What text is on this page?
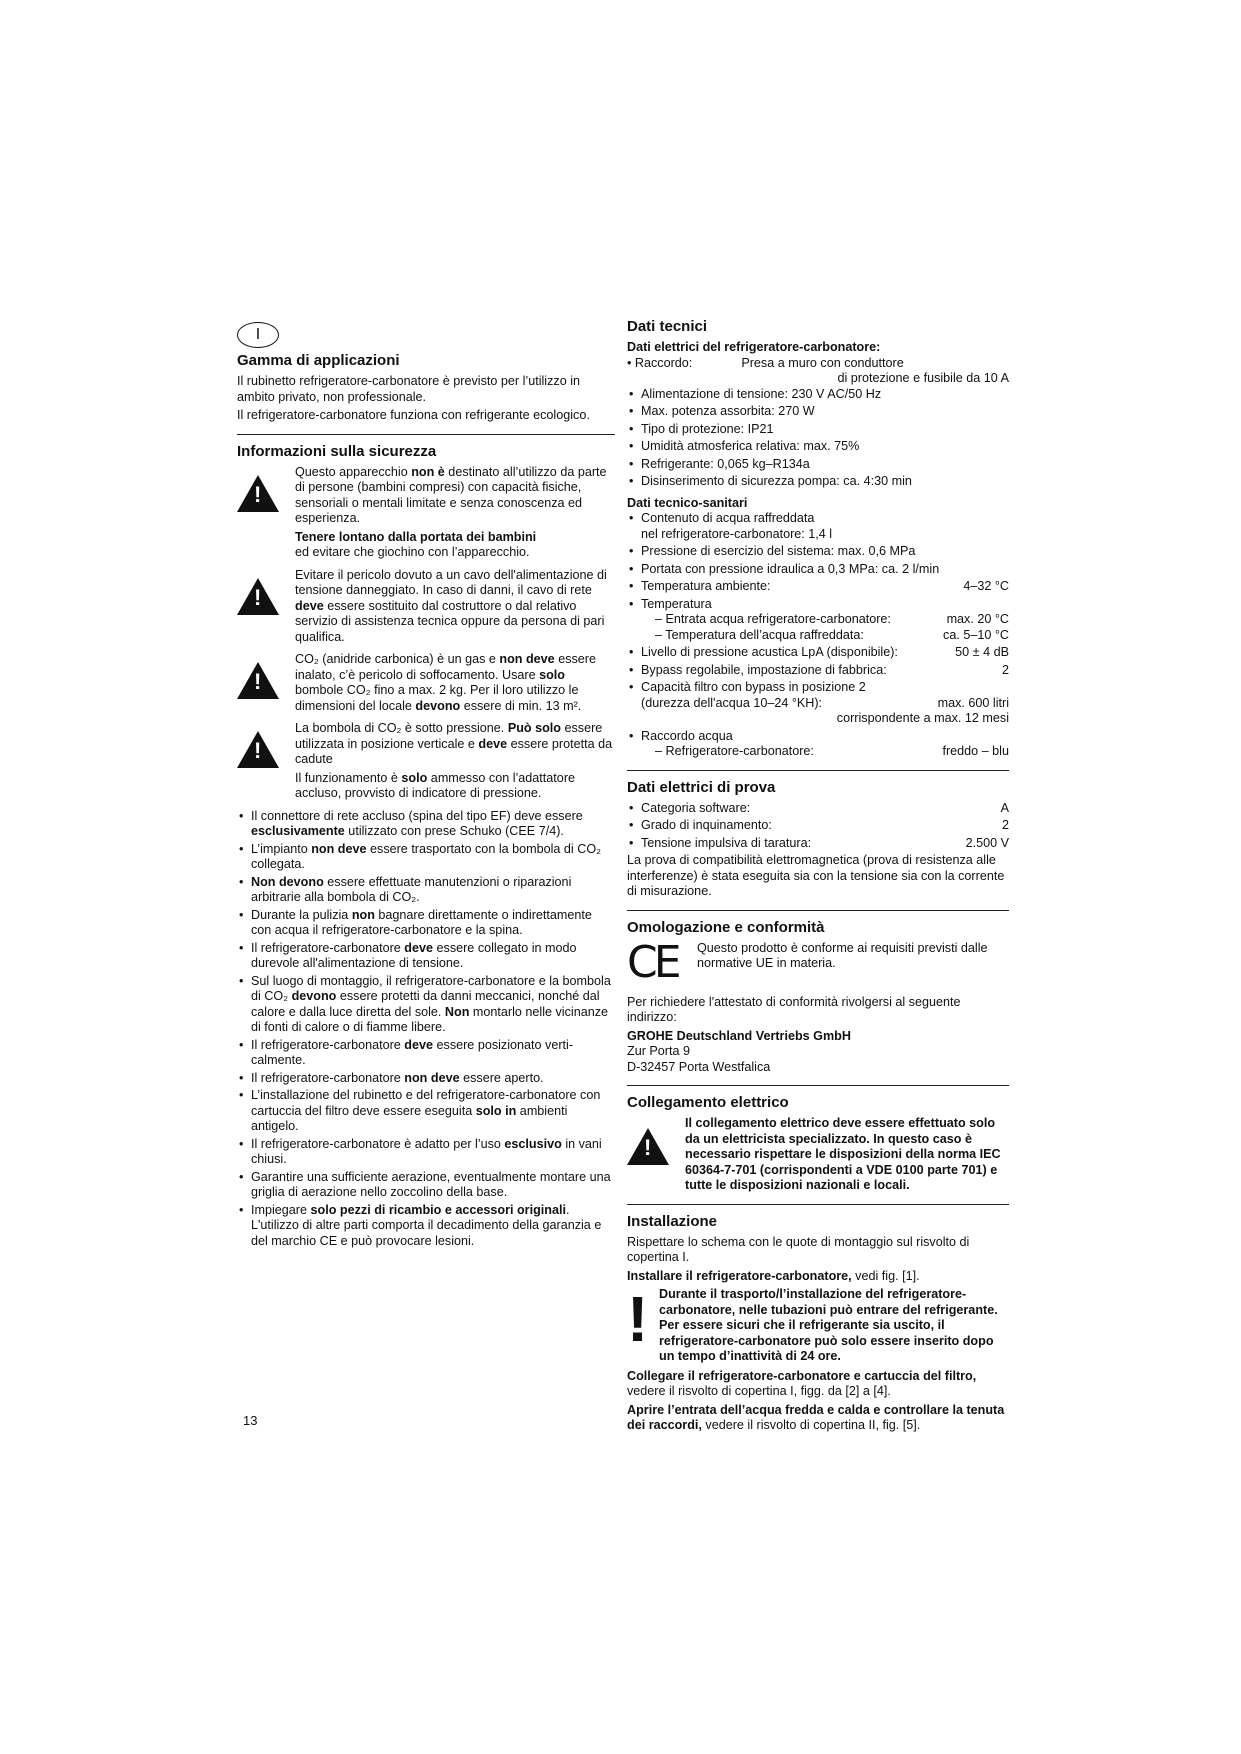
I
Gamma di applicazioni

Il rubinetto refrigeratore-carbonatore è previsto per l’utilizzo in ambito privato, non professionale.

Il refrigeratore-carbonatore funziona con refrigerante ecologico.

Informazioni sulla sicurezza
!

Questo apparecchio non è destinato all’utilizzo da parte di persone (bambini compresi) con capacità fisiche, sensoriali o mentali limitate e senza conoscenza ed esperienza.

Tenere lontano dalla portata dei bambini
ed evitare che giochino con l’apparecchio.

!

Evitare il pericolo dovuto a un cavo dell'alimentazione di tensione danneggiato. In caso di danni, il cavo di rete deve essere sostituito dal costruttore o dal relativo servizio di assistenza tecnica oppure da persona di pari qualifica.

!

CO₂ (anidride carbonica) è un gas e non deve essere inalato, c’è pericolo di soffocamento. Usare solo bombole CO₂ fino a max. 2 kg. Per il loro utilizzo le dimensioni del locale devono essere di min. 13 m².

!

La bombola di CO₂ è sotto pressione. Può solo essere utilizzata in posizione verticale e deve essere protetta da cadute

Il funzionamento è solo ammesso con l’adattatore accluso, provvisto di indicatore di pressione.

• Il connettore di rete accluso (spina del tipo EF) deve essere esclusivamente utilizzato con prese Schuko (CEE 7/4).
• L’impianto non deve essere trasportato con la bombola di CO₂ collegata.
• Non devono essere effettuate manutenzioni o riparazioni arbitrarie alla bombola di CO₂.
• Durante la pulizia non bagnare direttamente o indirettamente con acqua il refrigeratore-carbonatore e la spina.
• Il refrigeratore-carbonatore deve essere collegato in modo durevole all'alimentazione di tensione.
• Sul luogo di montaggio, il refrigeratore-carbonatore e la bombola di CO₂ devono essere protetti da danni meccanici, nonché dal calore e dalla luce diretta del sole. Non montarlo nelle vicinanze di fonti di calore o di fiamme libere.
• Il refrigeratore-carbonatore deve essere posizionato verti- calmente.
• Il refrigeratore-carbonatore non deve essere aperto.
• L’installazione del rubinetto e del refrigeratore-carbonatore con cartuccia del filtro deve essere eseguita solo in ambienti antigelo.
• Il refrigeratore-carbonatore è adatto per l’uso esclusivo in vani chiusi.
• Garantire una sufficiente aerazione, eventualmente montare una griglia di aerazione nello zoccolino della base.
• Impiegare solo pezzi di ricambio e accessori originali. L'utilizzo di altre parti comporta il decadimento della garanzia e del marchio CE e può provocare lesioni.
Dati tecnici
Dati elettrici del refrigeratore-carbonatore:
• Raccordo:	Presa a muro con conduttore
di protezione e fusibile da 10 A
• Alimentazione di tensione: 230 V AC/50 Hz
• Max. potenza assorbita: 270 W
• Tipo di protezione: IP21
• Umidità atmosferica relativa: max. 75%
• Refrigerante: 0,065 kg–R134a
• Disinserimento di sicurezza pompa: ca. 4:30 min
Dati tecnico-sanitari
• Contenuto di acqua raffreddata
nel refrigeratore-carbonatore: 1,4 l
• Pressione di esercizio del sistema: max. 0,6 MPa
• Portata con pressione idraulica a 0,3 MPa: ca. 2 l/min
• Temperatura ambiente:	4–32 °C
• Temperatura
– Entrata acqua refrigeratore-carbonatore:	max. 20 °C
– Temperatura dell’acqua raffreddata:	ca. 5–10 °C
• Livello di pressione acustica LpA (disponibile):	50 ± 4 dB
• Bypass regolabile, impostazione di fabbrica:	2
• Capacità filtro con bypass in posizione 2
(durezza dell'acqua 10–24 °KH):	max. 600 litri
corrispondente a max. 12 mesi
• Raccordo acqua
– Refrigeratore-carbonatore:	freddo – blu
Dati elettrici di prova
• Categoria software:	A
• Grado di inquinamento:	2
• Tensione impulsiva di taratura:	2.500 V

La prova di compatibilità elettromagnetica (prova di resistenza alle interferenze) è stata eseguita sia con la tensione sia con la corrente di misurazione.

Omologazione e conformità
CE	Questo prodotto è conforme ai requisiti previsti dalle normative UE in materia.

Per richiedere l'attestato di conformità rivolgersi al seguente indirizzo:

GROHE Deutschland Vertriebs GmbH
Zur Porta 9
D-32457 Porta Westfalica
Collegamento elettrico
!
Il collegamento elettrico deve essere effettuato solo da un elettricista specializzato. In questo caso è necessario rispettare le disposizioni della norma IEC 60364-7-701 (corrispondenti a VDE 0100 parte 701) e tutte le disposizioni nazionali e locali.
Installazione

Rispettare lo schema con le quote di montaggio sul risvolto di copertina I.

Installare il refrigeratore-carbonatore, vedi fig. [1].

! Durante il trasporto/l’installazione del refrigeratore-carbonatore, nelle tubazioni può entrare del refrigerante. Per essere sicuri che il refrigerante sia uscito, il refrigeratore-carbonatore può solo essere inserito dopo un tempo d’inattività di 24 ore.

Collegare il refrigeratore-carbonatore e cartuccia del filtro, vedere il risvolto di copertina I, figg. da [2] a [4].

Aprire l’entrata dell’acqua fredda e calda e controllare la tenuta dei raccordi, vedere il risvolto di copertina II, fig. [5].

13
